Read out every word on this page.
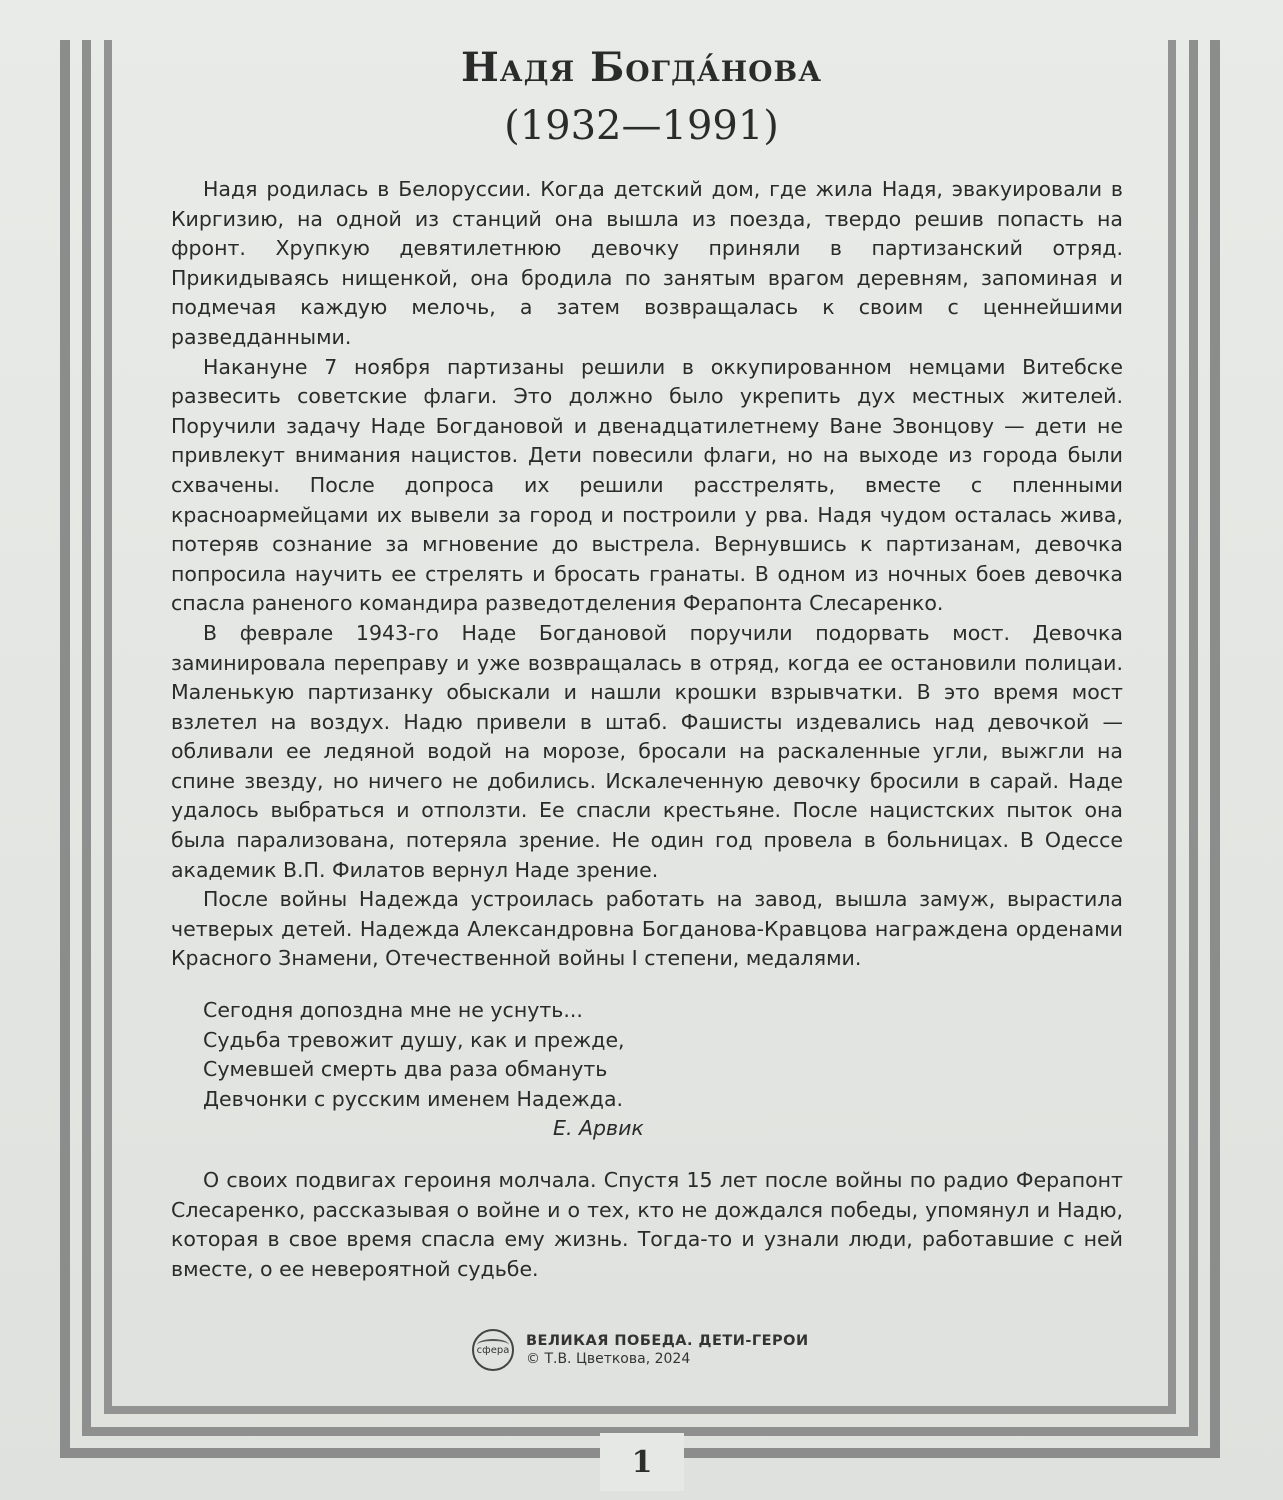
Надя Богда́нова
(1932—1991)

Надя родилась в Белоруссии. Когда детский дом, где жила Надя, эвакуировали в Киргизию, на одной из станций она вышла из поезда, твердо решив попасть на фронт. Хрупкую девятилетнюю девочку приняли в партизанский отряд. Прикидываясь нищенкой, она бродила по занятым врагом деревням, запоминая и подмечая каждую мелочь, а затем возвращалась к своим с ценнейшими разведданными.

Накануне 7 ноября партизаны решили в оккупированном немцами Витебске развесить советские флаги. Это должно было укрепить дух местных жителей. Поручили задачу Наде Богдановой и двенадцатилетнему Ване Звонцову — дети не привлекут внимания нацистов. Дети повесили флаги, но на выходе из города были схвачены. После допроса их решили расстрелять, вместе с пленными красноармейцами их вывели за город и построили у рва. Надя чудом осталась жива, потеряв сознание за мгновение до выстрела. Вернувшись к партизанам, девочка попросила научить ее стрелять и бросать гранаты. В одном из ночных боев девочка спасла раненого командира разведотделения Ферапонта Слесаренко.

В феврале 1943-го Наде Богдановой поручили подорвать мост. Девочка заминировала переправу и уже возвращалась в отряд, когда ее остановили полицаи. Маленькую партизанку обыскали и нашли крошки взрывчатки. В это время мост взлетел на воздух. Надю привели в штаб. Фашисты издевались над девочкой — обливали ее ледяной водой на морозе, бросали на раскаленные угли, выжгли на спине звезду, но ничего не добились. Искалеченную девочку бросили в сарай. Наде удалось выбраться и отползти. Ее спасли крестьяне. После нацистских пыток она была парализована, потеряла зрение. Не один год провела в больницах. В Одессе академик В.П. Филатов вернул Наде зрение.

После войны Надежда устроилась работать на завод, вышла замуж, вырастила четверых детей. Надежда Александровна Богданова-Кравцова награждена орденами Красного Знамени, Отечественной войны I степени, медалями.

Сегодня допоздна мне не уснуть...
Судьба тревожит душу, как и прежде,
Сумевшей смерть два раза обмануть
Девчонки с русским именем Надежда.
Е. Арвик

О своих подвигах героиня молчала. Спустя 15 лет после войны по радио Ферапонт Слесаренко, рассказывая о войне и о тех, кто не дождался победы, упомянул и Надю, которая в свое время спасла ему жизнь. Тогда-то и узнали люди, работавшие с ней вместе, о ее невероятной судьбе.

сфера
ВЕЛИКАЯ ПОБЕДА. ДЕТИ-ГЕРОИ
© Т.В. Цветкова, 2024
1
